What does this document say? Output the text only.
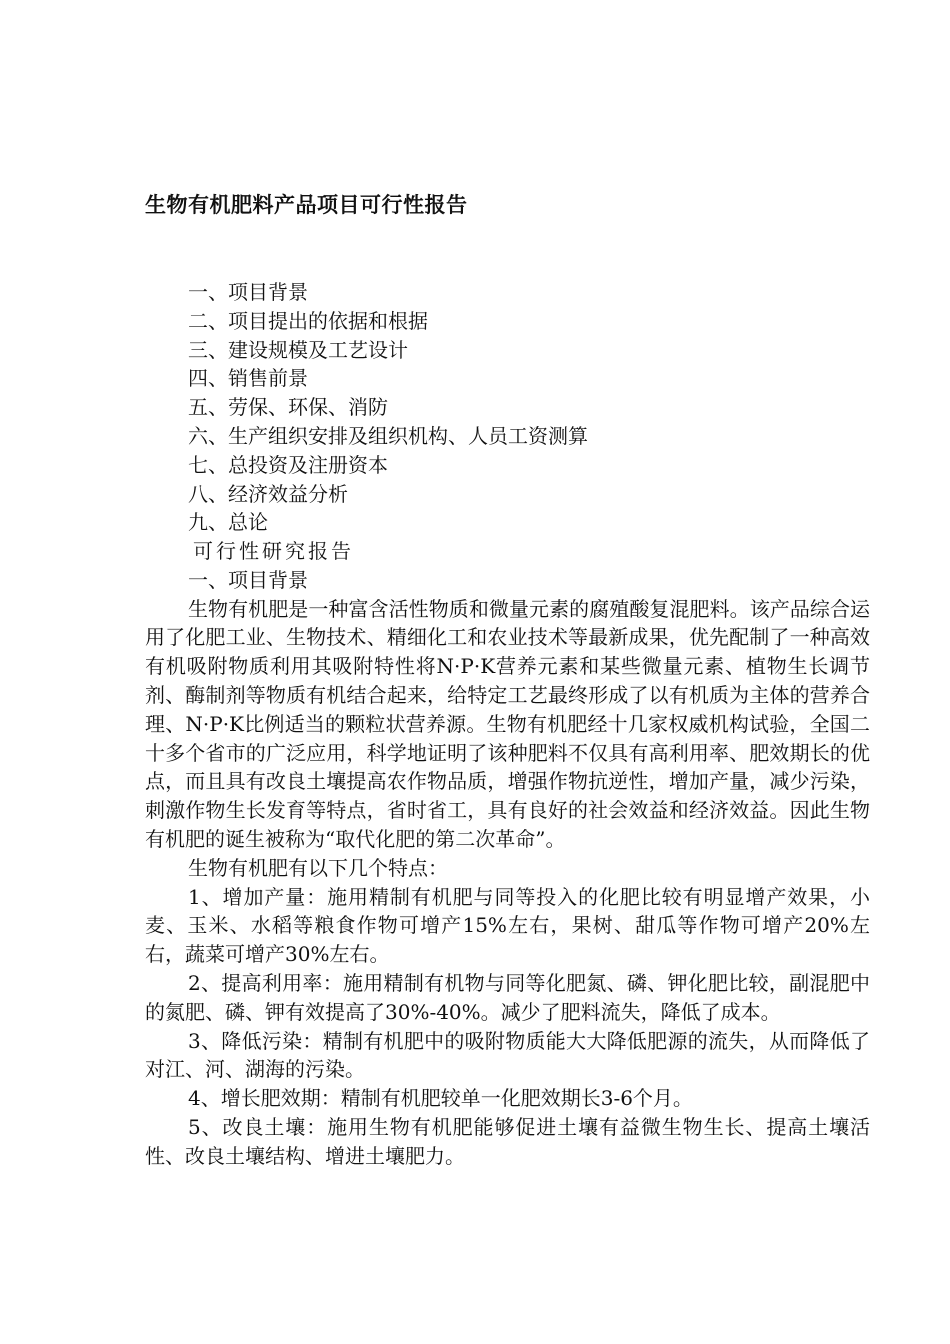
生物有机肥料产品项目可行性报告
一、项目背景
二、项目提出的依据和根据
三、建设规模及工艺设计
四、销售前景
五、劳保、环保、消防
六、生产组织安排及组织机构、人员工资测算
七、总投资及注册资本
八、经济效益分析
九、总论
可行性研究报告
一、项目背景

生物有机肥是一种富含活性物质和微量元素的腐殖酸复混肥料。该产品综合运用了化肥工业、生物技术、精细化工和农业技术等最新成果，优先配制了一种高效有机吸附物质利用其吸附特性将N·P·K营养元素和某些微量元素、植物生长调节剂、酶制剂等物质有机结合起来，给特定工艺最终形成了以有机质为主体的营养合理、N·P·K比例适当的颗粒状营养源。生物有机肥经十几家权威机构试验，全国二十多个省市的广泛应用，科学地证明了该种肥料不仅具有高利用率、肥效期长的优点，而且具有改良土壤提高农作物品质，增强作物抗逆性，增加产量，减少污染，刺激作物生长发育等特点，省时省工，具有良好的社会效益和经济效益。因此生物有机肥的诞生被称为“取代化肥的第二次革命”。

生物有机肥有以下几个特点：

1、增加产量：施用精制有机肥与同等投入的化肥比较有明显增产效果，小麦、玉米、水稻等粮食作物可增产15%左右，果树、甜瓜等作物可增产20%左右，蔬菜可增产30%左右。

2、提高利用率：施用精制有机物与同等化肥氮、磷、钾化肥比较，副混肥中的氮肥、磷、钾有效提高了30%-40%。减少了肥料流失，降低了成本。

3、降低污染：精制有机肥中的吸附物质能大大降低肥源的流失，从而降低了对江、河、湖海的污染。

4、增长肥效期：精制有机肥较单一化肥效期长3-6个月。

5、改良土壤：施用生物有机肥能够促进土壤有益微生物生长、提高土壤活性、改良土壤结构、增进土壤肥力。
